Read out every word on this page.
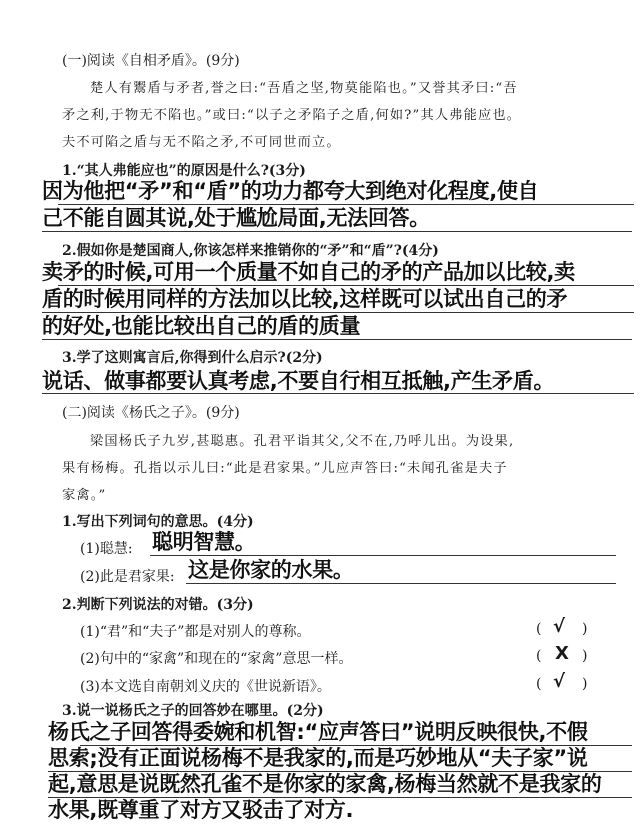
(一)阅读《自相矛盾》。(9分)
楚人有鬻盾与矛者,誉之曰:“吾盾之坚,物莫能陷也。”又誉其矛曰:“吾
矛之利,于物无不陷也。”或曰:“以子之矛陷子之盾,何如?”其人弗能应也。
夫不可陷之盾与无不陷之矛,不可同世而立。
1.“其人弗能应也”的原因是什么?(3分)
因为他把“矛”和“盾”的功力都夸大到绝对化程度,使自
己不能自圆其说,处于尴尬局面,无法回答。
2.假如你是楚国商人,你该怎样来推销你的“矛”和“盾”?(4分)
卖矛的时候,可用一个质量不如自己的矛的产品加以比较,卖
盾的时候用同样的方法加以比较,这样既可以试出自己的矛
的好处,也能比较出自己的盾的质量
3.学了这则寓言后,你得到什么启示?(2分)
说话、做事都要认真考虑,不要自行相互抵触,产生矛盾。
(二)阅读《杨氏之子》。(9分)
梁国杨氏子九岁,甚聪惠。孔君平诣其父,父不在,乃呼儿出。为设果,
果有杨梅。孔指以示儿曰:“此是君家果。”儿应声答曰:“未闻孔雀是夫子
家禽。”
1.写出下列词句的意思。(4分)
(1)聪慧: 聪明智慧。
(2)此是君家果: 这是你家的水果。
2.判断下列说法的对错。(3分)
(1)“君”和“夫子”都是对别人的尊称。	( √ )
(2)句中的“家禽”和现在的“家禽”意思一样。	( X )
(3)本文选自南朝刘义庆的《世说新语》。	( √ )
3.说一说杨氏之子的回答妙在哪里。(2分)
杨氏之子回答得委婉和机智:“应声答曰”说明反映很快,不假
思索;没有正面说杨梅不是我家的,而是巧妙地从“夫子家”说
起,意思是说既然孔雀不是你家的家禽,杨梅当然就不是我家的
水果,既尊重了对方又驳击了对方.
